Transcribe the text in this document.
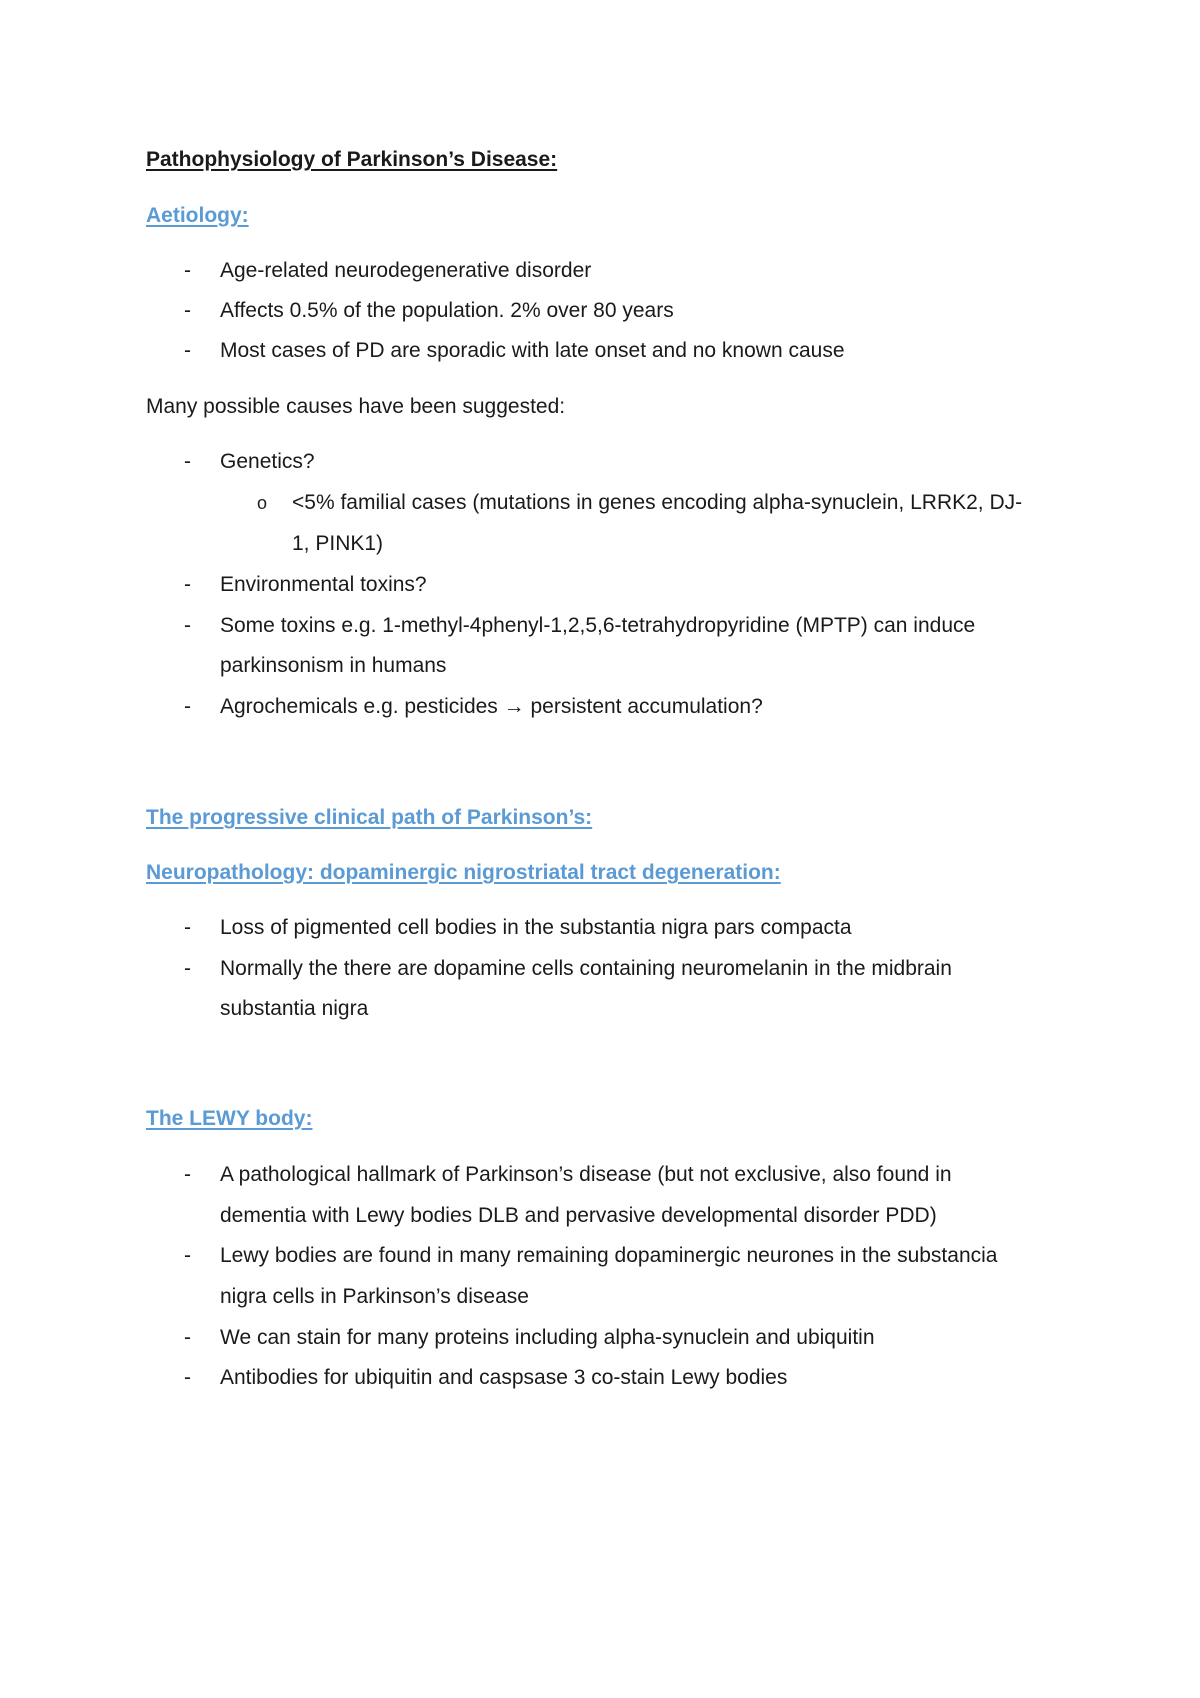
Pathophysiology of Parkinson’s Disease:
Aetiology:
- Age-related neurodegenerative disorder
- Affects 0.5% of the population. 2% over 80 years
- Most cases of PD are sporadic with late onset and no known cause
Many possible causes have been suggested:
- Genetics?
o <5% familial cases (mutations in genes encoding alpha-synuclein, LRRK2, DJ-
1, PINK1)
- Environmental toxins?
- Some toxins e.g. 1-methyl-4phenyl-1,2,5,6-tetrahydropyridine (MPTP) can induce
parkinsonism in humans
- Agrochemicals e.g. pesticides → persistent accumulation?
The progressive clinical path of Parkinson’s:
Neuropathology: dopaminergic nigrostriatal tract degeneration:
- Loss of pigmented cell bodies in the substantia nigra pars compacta
- Normally the there are dopamine cells containing neuromelanin in the midbrain
substantia nigra
The LEWY body:
- A pathological hallmark of Parkinson’s disease (but not exclusive, also found in
dementia with Lewy bodies DLB and pervasive developmental disorder PDD)
- Lewy bodies are found in many remaining dopaminergic neurones in the substancia
nigra cells in Parkinson’s disease
- We can stain for many proteins including alpha-synuclein and ubiquitin
- Antibodies for ubiquitin and caspsase 3 co-stain Lewy bodies
